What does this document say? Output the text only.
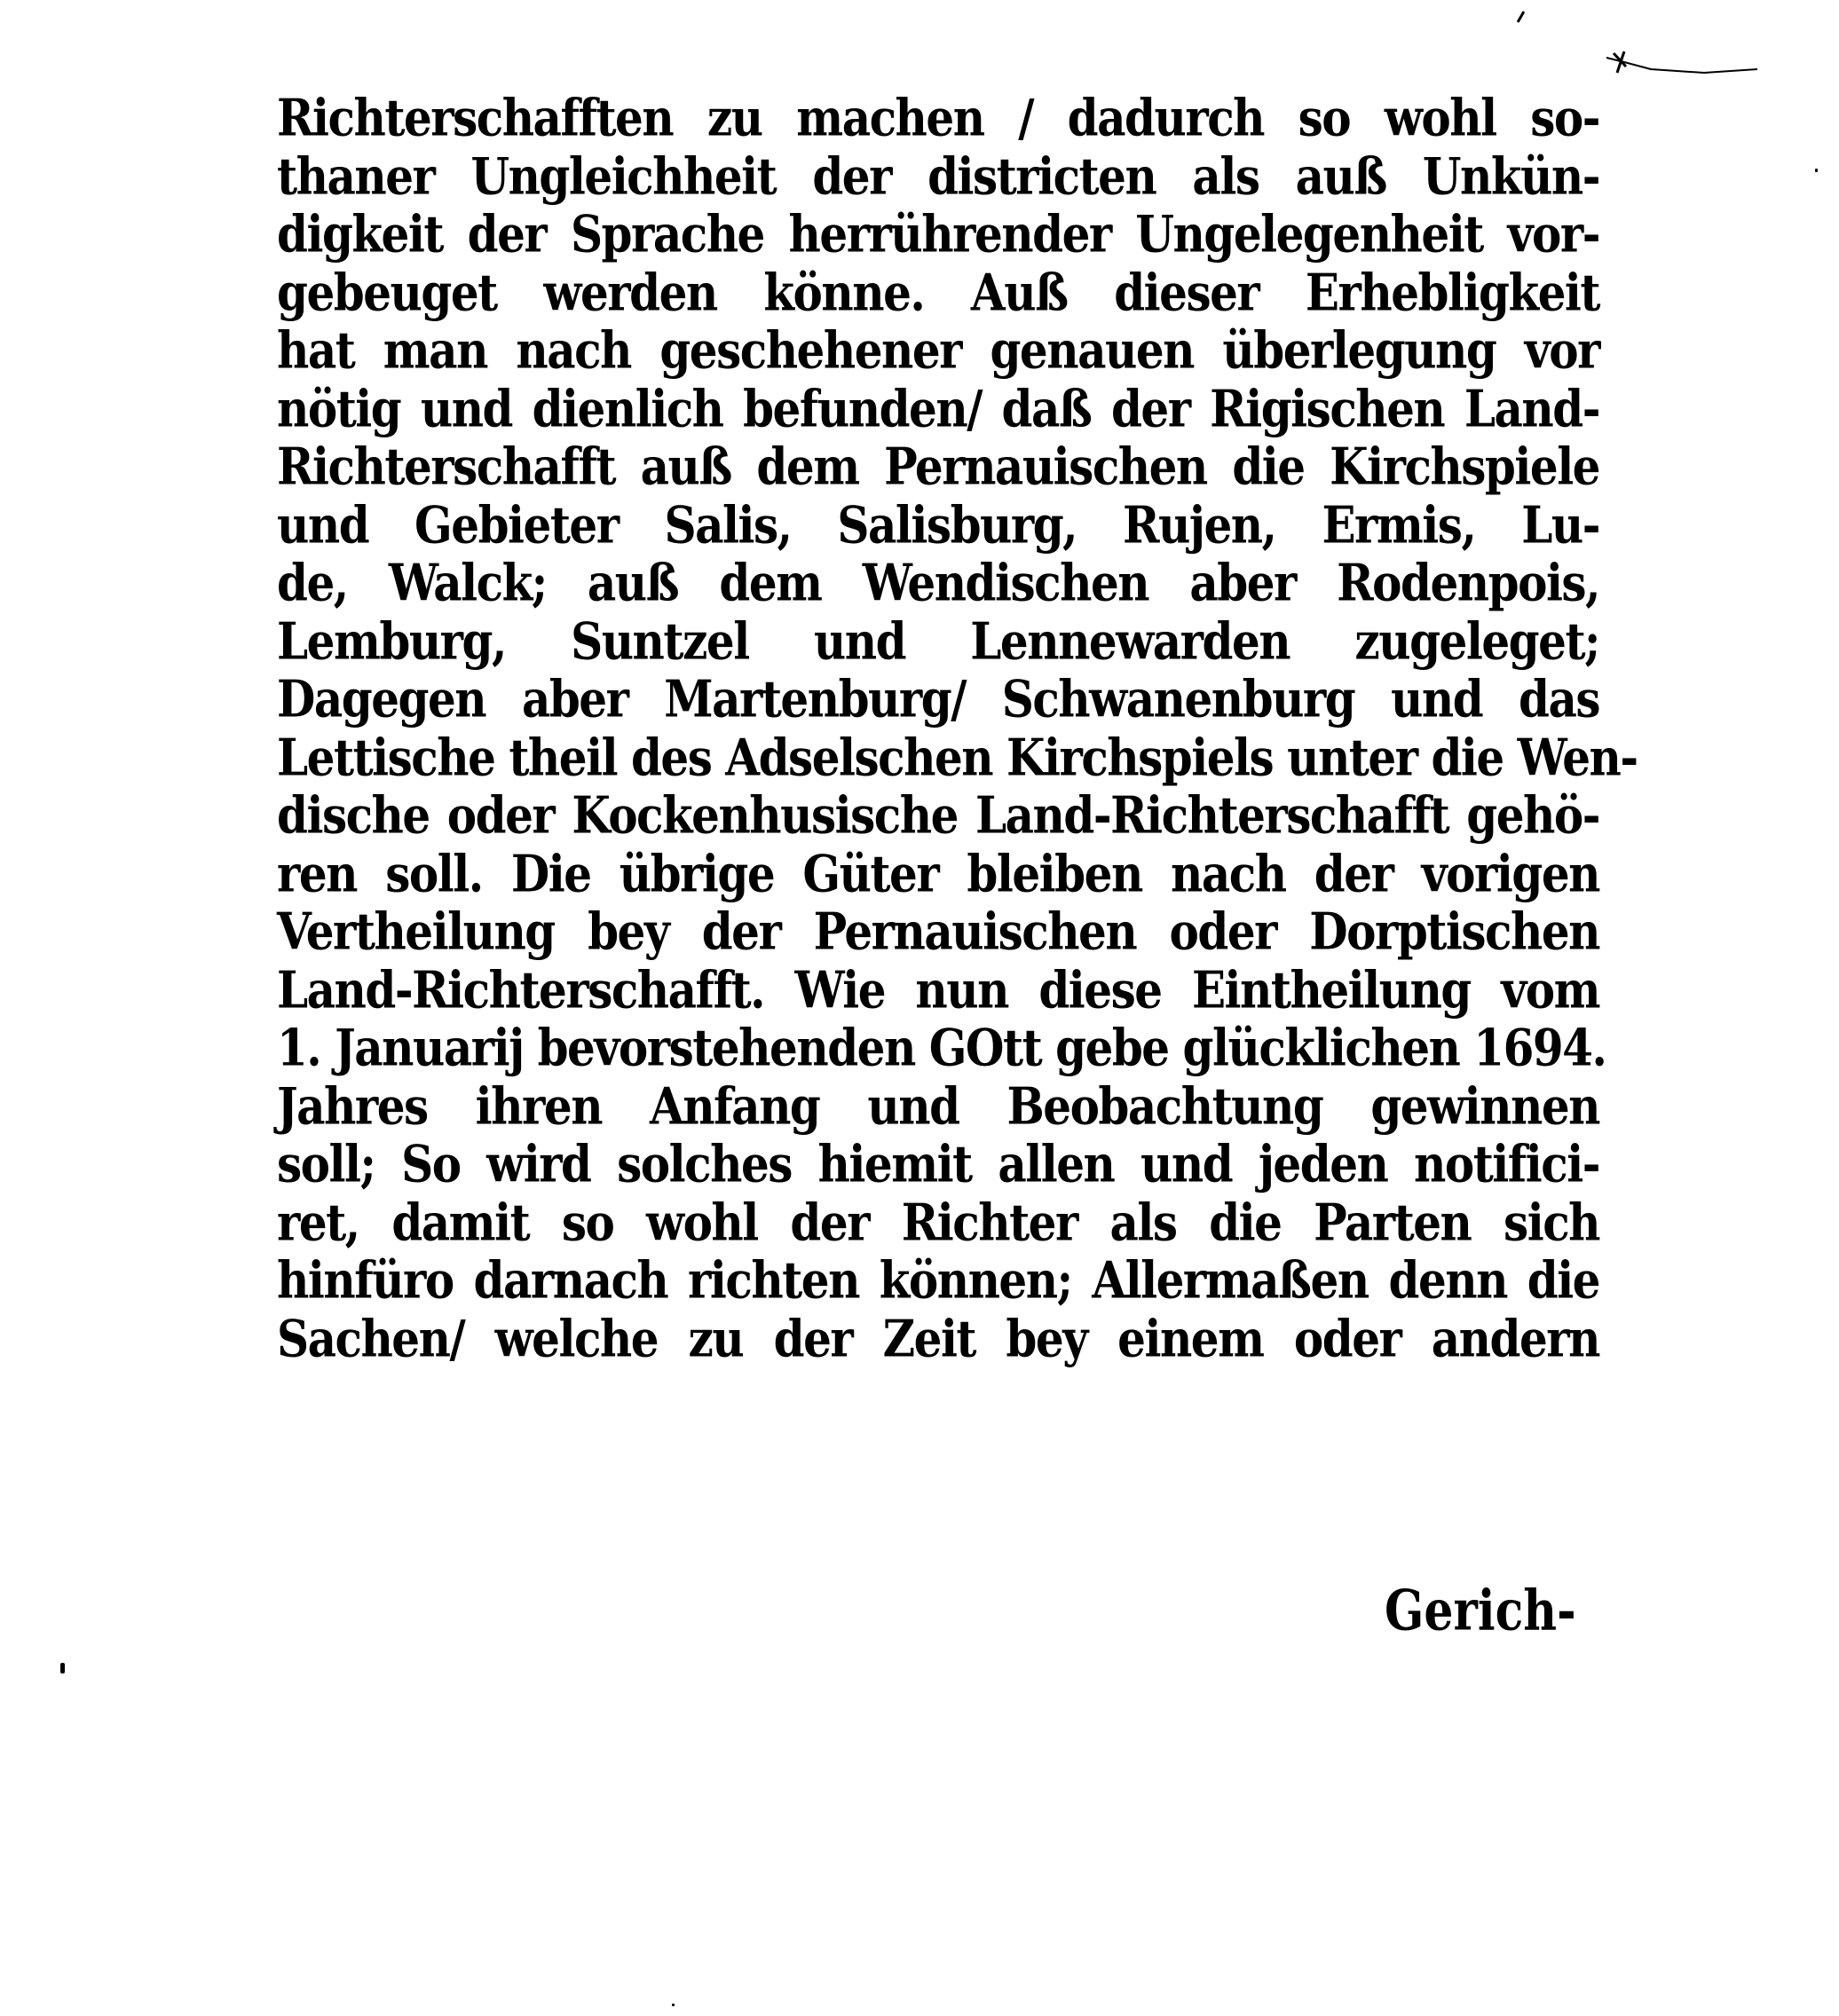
Richterschafften zu machen / dadurch so wohl so-
thaner Ungleichheit der districten als auß Unkün-
digkeit der Sprache herrührender Ungelegenheit vor-
gebeuget werden könne. Auß dieser Erhebligkeit
hat man nach geschehener genauen überlegung vor
nötig und dienlich befunden/ daß der Rigischen Land-
Richterschafft auß dem Pernauischen die Kirchspiele
und Gebieter Salis, Salisburg, Rujen, Ermis, Lu-
de, Walck; auß dem Wendischen aber Rodenpois,
Lemburg, Suntzel und Lennewarden zugeleget;
Dagegen aber Martenburg/ Schwanenburg und das
Lettische theil des Adselschen Kirchspiels unter die Wen-
dische oder Kockenhusische Land-Richterschafft gehö-
ren soll. Die übrige Güter bleiben nach der vorigen
Vertheilung bey der Pernauischen oder Dorptischen
Land-Richterschafft. Wie nun diese Eintheilung vom
1. Januarij bevorstehenden GOtt gebe glücklichen 1694.
Jahres ihren Anfang und Beobachtung gewinnen
soll; So wird solches hiemit allen und jeden notifici-
ret, damit so wohl der Richter als die Parten sich
hinfüro darnach richten können; Allermaßen denn die
Sachen/ welche zu der Zeit bey einem oder andern
Gerich-
